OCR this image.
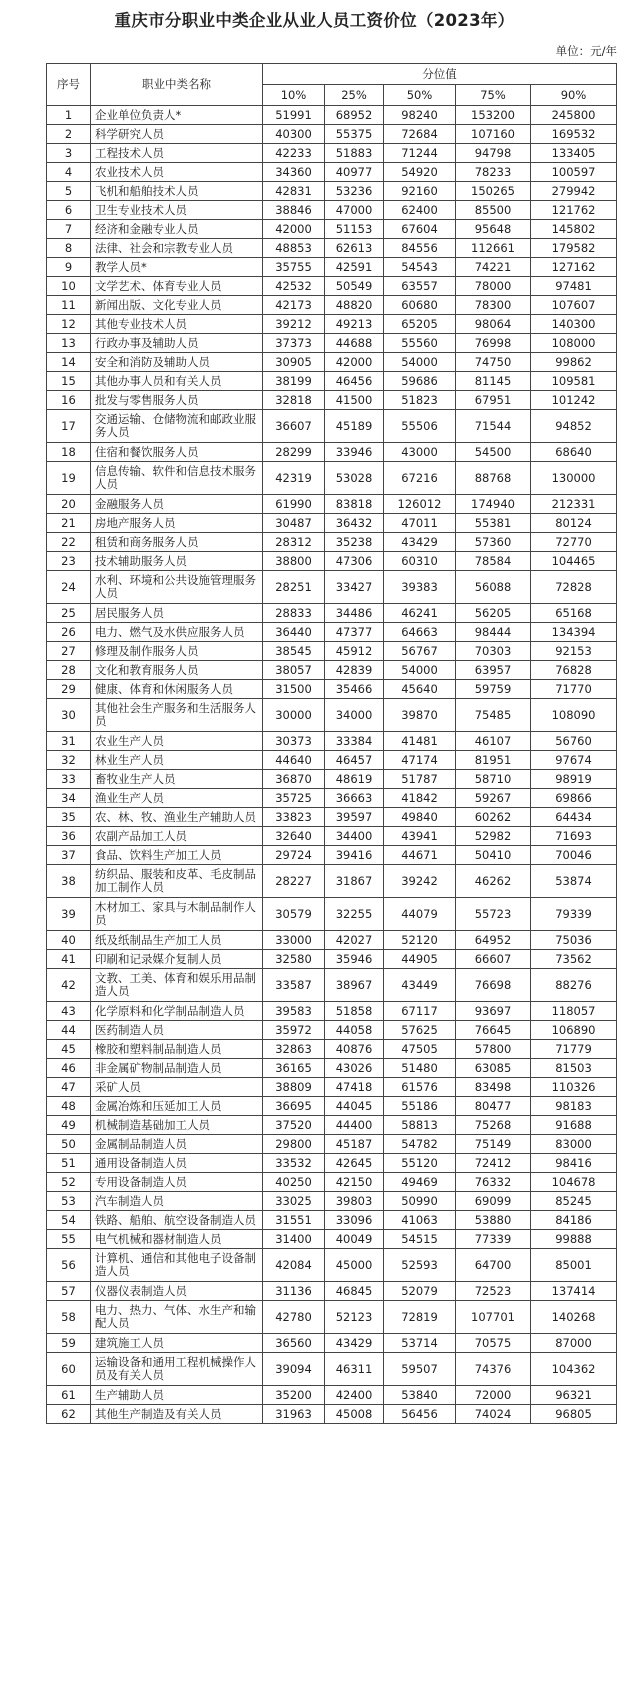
重庆市分职业中类企业从业人员工资价位（2023年）
单位：元/年
序号	职业中类名称	分位值				
		10%	25%	50%	75%	90%
1	企业单位负责人*	51991	68952	98240	153200	245800
2	科学研究人员	40300	55375	72684	107160	169532
3	工程技术人员	42233	51883	71244	94798	133405
4	农业技术人员	34360	40977	54920	78233	100597
5	飞机和船舶技术人员	42831	53236	92160	150265	279942
6	卫生专业技术人员	38846	47000	62400	85500	121762
7	经济和金融专业人员	42000	51153	67604	95648	145802
8	法律、社会和宗教专业人员	48853	62613	84556	112661	179582
9	教学人员*	35755	42591	54543	74221	127162
10	文学艺术、体育专业人员	42532	50549	63557	78000	97481
11	新闻出版、文化专业人员	42173	48820	60680	78300	107607
12	其他专业技术人员	39212	49213	65205	98064	140300
13	行政办事及辅助人员	37373	44688	55560	76998	108000
14	安全和消防及辅助人员	30905	42000	54000	74750	99862
15	其他办事人员和有关人员	38199	46456	59686	81145	109581
16	批发与零售服务人员	32818	41500	51823	67951	101242
17	交通运输、仓储物流和邮政业服务人员	36607	45189	55506	71544	94852
18	住宿和餐饮服务人员	28299	33946	43000	54500	68640
19	信息传输、软件和信息技术服务人员	42319	53028	67216	88768	130000
20	金融服务人员	61990	83818	126012	174940	212331
21	房地产服务人员	30487	36432	47011	55381	80124
22	租赁和商务服务人员	28312	35238	43429	57360	72770
23	技术辅助服务人员	38800	47306	60310	78584	104465
24	水利、环境和公共设施管理服务人员	28251	33427	39383	56088	72828
25	居民服务人员	28833	34486	46241	56205	65168
26	电力、燃气及水供应服务人员	36440	47377	64663	98444	134394
27	修理及制作服务人员	38545	45912	56767	70303	92153
28	文化和教育服务人员	38057	42839	54000	63957	76828
29	健康、体育和休闲服务人员	31500	35466	45640	59759	71770
30	其他社会生产服务和生活服务人员	30000	34000	39870	75485	108090
31	农业生产人员	30373	33384	41481	46107	56760
32	林业生产人员	44640	46457	47174	81951	97674
33	畜牧业生产人员	36870	48619	51787	58710	98919
34	渔业生产人员	35725	36663	41842	59267	69866
35	农、林、牧、渔业生产辅助人员	33823	39597	49840	60262	64434
36	农副产品加工人员	32640	34400	43941	52982	71693
37	食品、饮料生产加工人员	29724	39416	44671	50410	70046
38	纺织品、服装和皮革、毛皮制品加工制作人员	28227	31867	39242	46262	53874
39	木材加工、家具与木制品制作人员	30579	32255	44079	55723	79339
40	纸及纸制品生产加工人员	33000	42027	52120	64952	75036
41	印刷和记录媒介复制人员	32580	35946	44905	66607	73562
42	文教、工美、体育和娱乐用品制造人员	33587	38967	43449	76698	88276
43	化学原料和化学制品制造人员	39583	51858	67117	93697	118057
44	医药制造人员	35972	44058	57625	76645	106890
45	橡胶和塑料制品制造人员	32863	40876	47505	57800	71779
46	非金属矿物制品制造人员	36165	43026	51480	63085	81503
47	采矿人员	38809	47418	61576	83498	110326
48	金属冶炼和压延加工人员	36695	44045	55186	80477	98183
49	机械制造基础加工人员	37520	44400	58813	75268	91688
50	金属制品制造人员	29800	45187	54782	75149	83000
51	通用设备制造人员	33532	42645	55120	72412	98416
52	专用设备制造人员	40250	42150	49469	76332	104678
53	汽车制造人员	33025	39803	50990	69099	85245
54	铁路、船舶、航空设备制造人员	31551	33096	41063	53880	84186
55	电气机械和器材制造人员	31400	40049	54515	77339	99888
56	计算机、通信和其他电子设备制造人员	42084	45000	52593	64700	85001
57	仪器仪表制造人员	31136	46845	52079	72523	137414
58	电力、热力、气体、水生产和输配人员	42780	52123	72819	107701	140268
59	建筑施工人员	36560	43429	53714	70575	87000
60	运输设备和通用工程机械操作人员及有关人员	39094	46311	59507	74376	104362
61	生产辅助人员	35200	42400	53840	72000	96321
62	其他生产制造及有关人员	31963	45008	56456	74024	96805
